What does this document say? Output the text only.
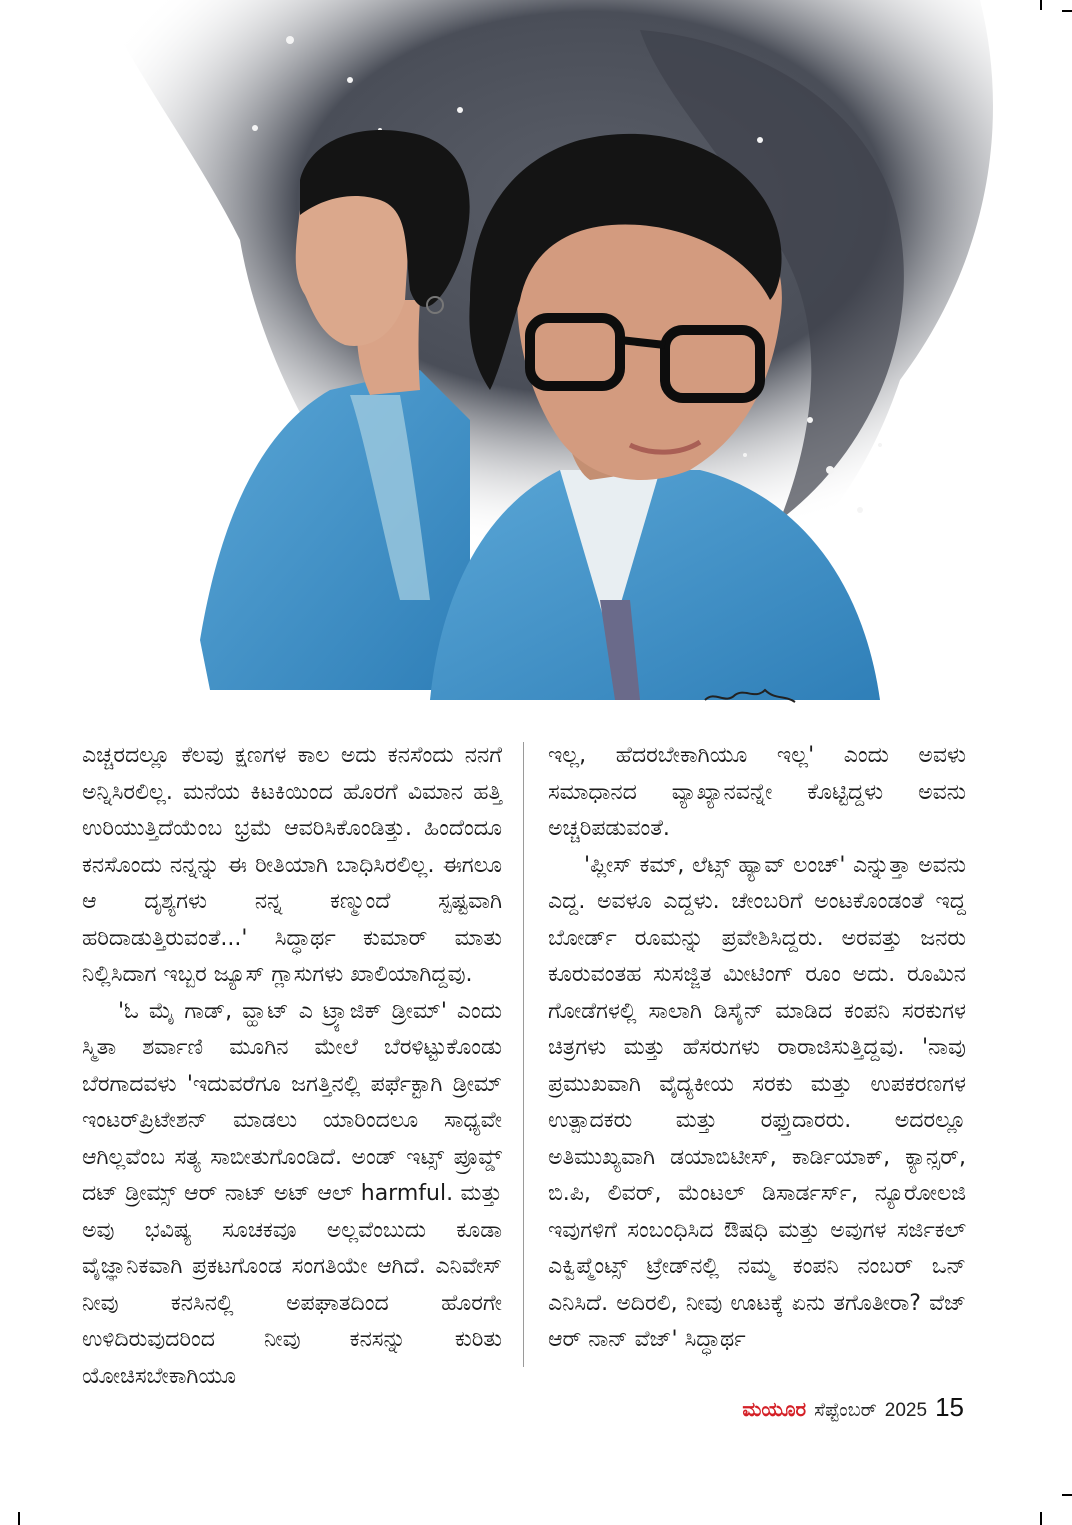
ಎಚ್ಚರದಲ್ಲೂ ಕೆಲವು ಕ್ಷಣಗಳ ಕಾಲ ಅದು ಕನಸೆಂದು ನನಗೆ ಅನ್ನಿಸಿರಲಿಲ್ಲ. ಮನೆಯ ಕಿಟಕಿಯಿಂದ ಹೊರಗೆ ವಿಮಾನ ಹತ್ತಿ ಉರಿಯುತ್ತಿದೆಯೆಂಬ ಭ್ರಮೆ ಆವರಿಸಿಕೊಂಡಿತ್ತು. ಹಿಂದೆಂದೂ ಕನಸೊಂದು ನನ್ನನ್ನು ಈ ರೀತಿಯಾಗಿ ಬಾಧಿಸಿರಲಿಲ್ಲ. ಈಗಲೂ ಆ ದೃಶ್ಯಗಳು ನನ್ನ ಕಣ್ಮುಂದೆ ಸ್ಪಷ್ಟವಾಗಿ ಹರಿದಾಡುತ್ತಿರುವಂತೆ...' ಸಿದ್ಧಾರ್ಥ ಕುಮಾರ್ ಮಾತು ನಿಲ್ಲಿಸಿದಾಗ ಇಬ್ಬರ ಜ್ಯೂಸ್ ಗ್ಲಾಸುಗಳು ಖಾಲಿಯಾಗಿದ್ದವು.

'ಓ ಮೈ ಗಾಡ್, ವ್ಹಾಟ್ ಎ ಟ್ರ್ಯಾಜಿಕ್ ಡ್ರೀಮ್' ಎಂದು ಸ್ಮಿತಾ ಶರ್ವಾಣಿ ಮೂಗಿನ ಮೇಲೆ ಬೆರಳಿಟ್ಟುಕೊಂಡು ಬೆರಗಾದವಳು 'ಇದುವರೆಗೂ ಜಗತ್ತಿನಲ್ಲಿ ಪರ್ಫೆಕ್ಟಾಗಿ ಡ್ರೀಮ್ ಇಂಟರ್‌ಪ್ರಿಟೇಶನ್ ಮಾಡಲು ಯಾರಿಂದಲೂ ಸಾಧ್ಯವೇ ಆಗಿಲ್ಲವೆಂಬ ಸತ್ಯ ಸಾಬೀತುಗೊಂಡಿದೆ. ಅಂಡ್ ಇಟ್ಸ್ ಪ್ರೂವ್ಡ್ ದಟ್ ಡ್ರೀಮ್ಸ್ ಆರ್ ನಾಟ್ ಅಟ್ ಆಲ್ harmful. ಮತ್ತು ಅವು ಭವಿಷ್ಯ ಸೂಚಕವೂ ಅಲ್ಲವೆಂಬುದು ಕೂಡಾ ವೈಜ್ಞಾನಿಕವಾಗಿ ಪ್ರಕಟಗೊಂಡ ಸಂಗತಿಯೇ ಆಗಿದೆ. ಎನಿವೇಸ್ ನೀವು ಕನಸಿನಲ್ಲಿ ಅಪಘಾತದಿಂದ ಹೊರಗೇ ಉಳಿದಿರುವುದರಿಂದ ನೀವು ಕನಸನ್ನು ಕುರಿತು ಯೋಚಿಸಬೇಕಾಗಿಯೂ

ಇಲ್ಲ, ಹೆದರಬೇಕಾಗಿಯೂ ಇಲ್ಲ' ಎಂದು ಅವಳು ಸಮಾಧಾನದ ವ್ಯಾಖ್ಯಾನವನ್ನೇ ಕೊಟ್ಟಿದ್ದಳು ಅವನು ಅಚ್ಚರಿಪಡುವಂತೆ.

'ಪ್ಲೀಸ್ ಕಮ್, ಲೆಟ್ಸ್ ಹ್ಯಾವ್ ಲಂಚ್' ಎನ್ನುತ್ತಾ ಅವನು ಎದ್ದ. ಅವಳೂ ಎದ್ದಳು. ಚೇಂಬರಿಗೆ ಅಂಟಕೊಂಡಂತೆ ಇದ್ದ ಬೋರ್ಡ್ ರೂಮನ್ನು ಪ್ರವೇಶಿಸಿದ್ದರು. ಅರವತ್ತು ಜನರು ಕೂರುವಂತಹ ಸುಸಜ್ಜಿತ ಮೀಟಿಂಗ್ ರೂಂ ಅದು. ರೂಮಿನ ಗೋಡೆಗಳಲ್ಲಿ ಸಾಲಾಗಿ ಡಿಸೈನ್ ಮಾಡಿದ ಕಂಪನಿ ಸರಕುಗಳ ಚಿತ್ರಗಳು ಮತ್ತು ಹೆಸರುಗಳು ರಾರಾಜಿಸುತ್ತಿದ್ದವು. 'ನಾವು ಪ್ರಮುಖವಾಗಿ ವೈದ್ಯಕೀಯ ಸರಕು ಮತ್ತು ಉಪಕರಣಗಳ ಉತ್ಪಾದಕರು ಮತ್ತು ರಫ್ತುದಾರರು. ಅದರಲ್ಲೂ ಅತಿಮುಖ್ಯವಾಗಿ ಡಯಾಬಿಟೀಸ್, ಕಾರ್ಡಿಯಾಕ್, ಕ್ಯಾನ್ಸರ್, ಬಿ.ಪಿ, ಲಿವರ್, ಮೆಂಟಲ್ ಡಿಸಾರ್ಡರ್ಸ್, ನ್ಯೂರೋಲಜಿ ಇವುಗಳಿಗೆ ಸಂಬಂಧಿಸಿದ ಔಷಧಿ ಮತ್ತು ಅವುಗಳ ಸರ್ಜಿಕಲ್ ಎಕ್ವಿಪ್ಮೆಂಟ್ಸ್ ಟ್ರೇಡ್‌ನಲ್ಲಿ ನಮ್ಮ ಕಂಪನಿ ನಂಬರ್ ಒನ್ ಎನಿಸಿದೆ. ಅದಿರಲಿ, ನೀವು ಊಟಕ್ಕೆ ಏನು ತಗೊತೀರಾ? ವೆಜ್ ಆರ್ ನಾನ್ ವೆಜ್' ಸಿದ್ಧಾರ್ಥ

ಮಯೂರ ಸೆಪ್ಟೆಂಬರ್ 2025 15
